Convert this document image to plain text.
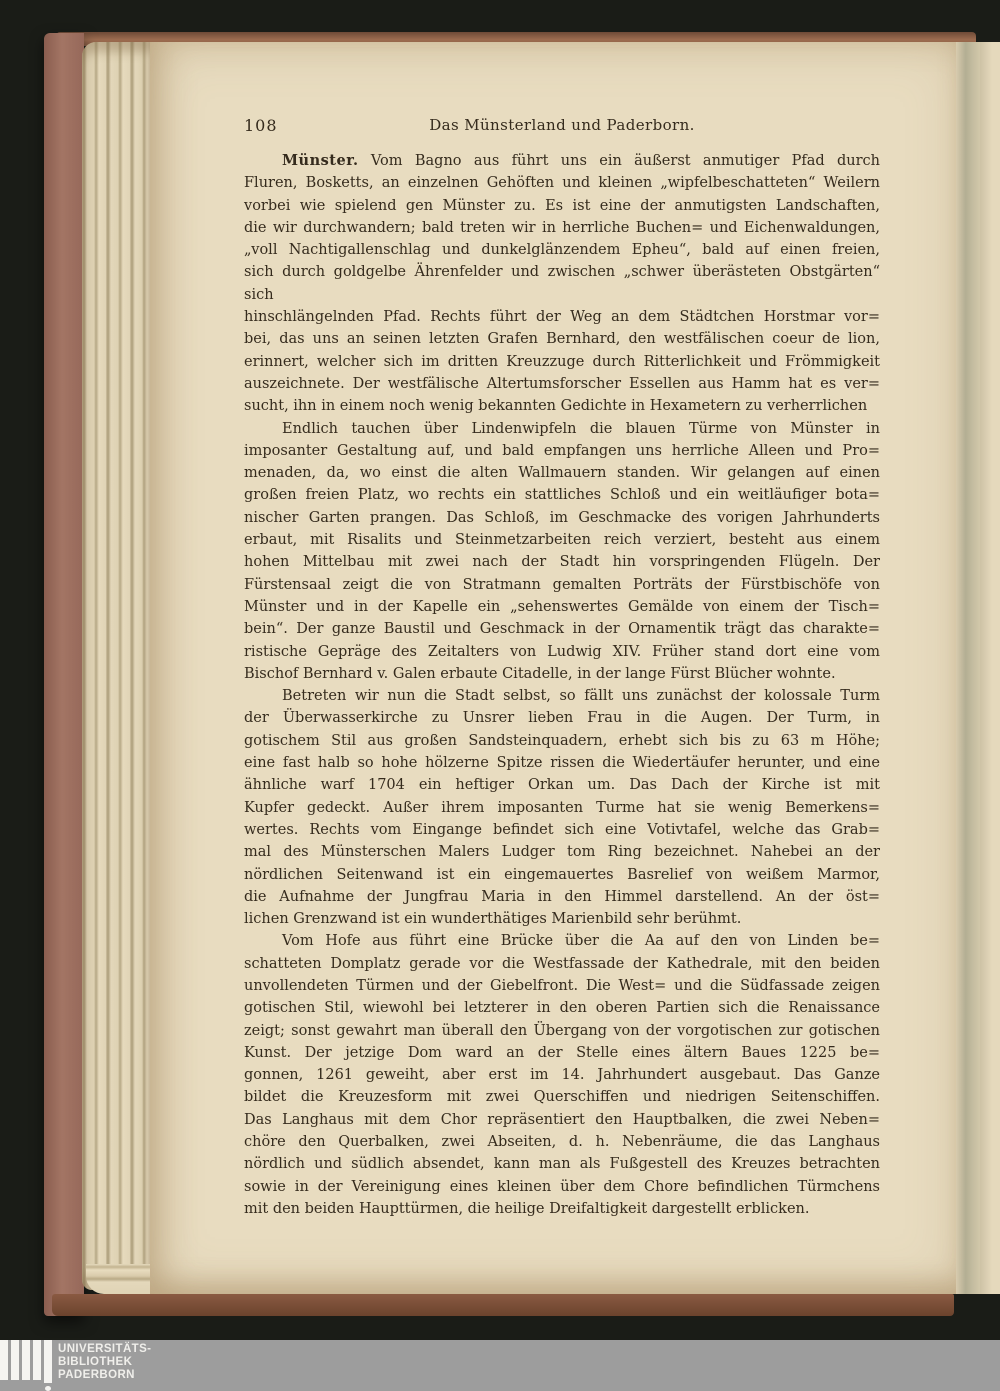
108	Das Münsterland und Paderborn.
Münster. Vom Bagno aus führt uns ein äußerst anmutiger Pfad durch
Fluren, Bosketts, an einzelnen Gehöften und kleinen „wipfelbeschatteten“ Weilern
vorbei wie spielend gen Münster zu. Es ist eine der anmutigsten Landschaften,
die wir durchwandern; bald treten wir in herrliche Buchen= und Eichenwaldungen,
„voll Nachtigallenschlag und dunkelglänzendem Epheu“, bald auf einen freien,
sich durch goldgelbe Ährenfelder und zwischen „schwer überästeten Obstgärten“ sich
hinschlängelnden Pfad. Rechts führt der Weg an dem Städtchen Horstmar vor=
bei, das uns an seinen letzten Grafen Bernhard, den westfälischen coeur de lion,
erinnert, welcher sich im dritten Kreuzzuge durch Ritterlichkeit und Frömmigkeit
auszeichnete. Der westfälische Altertumsforscher Essellen aus Hamm hat es ver=
sucht, ihn in einem noch wenig bekannten Gedichte in Hexametern zu verherrlichen
Endlich tauchen über Lindenwipfeln die blauen Türme von Münster in
imposanter Gestaltung auf, und bald empfangen uns herrliche Alleen und Pro=
menaden, da, wo einst die alten Wallmauern standen. Wir gelangen auf einen
großen freien Platz, wo rechts ein stattliches Schloß und ein weitläufiger bota=
nischer Garten prangen. Das Schloß, im Geschmacke des vorigen Jahrhunderts
erbaut, mit Risalits und Steinmetzarbeiten reich verziert, besteht aus einem
hohen Mittelbau mit zwei nach der Stadt hin vorspringenden Flügeln. Der
Fürstensaal zeigt die von Stratmann gemalten Porträts der Fürstbischöfe von
Münster und in der Kapelle ein „sehenswertes Gemälde von einem der Tisch=
bein“. Der ganze Baustil und Geschmack in der Ornamentik trägt das charakte=
ristische Gepräge des Zeitalters von Ludwig XIV. Früher stand dort eine vom
Bischof Bernhard v. Galen erbaute Citadelle, in der lange Fürst Blücher wohnte.
Betreten wir nun die Stadt selbst, so fällt uns zunächst der kolossale Turm
der Überwasserkirche zu Unsrer lieben Frau in die Augen. Der Turm, in
gotischem Stil aus großen Sandsteinquadern, erhebt sich bis zu 63 m Höhe;
eine fast halb so hohe hölzerne Spitze rissen die Wiedertäufer herunter, und eine
ähnliche warf 1704 ein heftiger Orkan um. Das Dach der Kirche ist mit
Kupfer gedeckt. Außer ihrem imposanten Turme hat sie wenig Bemerkens=
wertes. Rechts vom Eingange befindet sich eine Votivtafel, welche das Grab=
mal des Münsterschen Malers Ludger tom Ring bezeichnet. Nahebei an der
nördlichen Seitenwand ist ein eingemauertes Basrelief von weißem Marmor,
die Aufnahme der Jungfrau Maria in den Himmel darstellend. An der öst=
lichen Grenzwand ist ein wunderthätiges Marienbild sehr berühmt.
Vom Hofe aus führt eine Brücke über die Aa auf den von Linden be=
schatteten Domplatz gerade vor die Westfassade der Kathedrale, mit den beiden
unvollendeten Türmen und der Giebelfront. Die West= und die Südfassade zeigen
gotischen Stil, wiewohl bei letzterer in den oberen Partien sich die Renaissance
zeigt; sonst gewahrt man überall den Übergang von der vorgotischen zur gotischen
Kunst. Der jetzige Dom ward an der Stelle eines ältern Baues 1225 be=
gonnen, 1261 geweiht, aber erst im 14. Jahrhundert ausgebaut. Das Ganze
bildet die Kreuzesform mit zwei Querschiffen und niedrigen Seitenschiffen.
Das Langhaus mit dem Chor repräsentiert den Hauptbalken, die zwei Neben=
chöre den Querbalken, zwei Abseiten, d. h. Nebenräume, die das Langhaus
nördlich und südlich absendet, kann man als Fußgestell des Kreuzes betrachten
sowie in der Vereinigung eines kleinen über dem Chore befindlichen Türmchens
mit den beiden Haupttürmen, die heilige Dreifaltigkeit dargestellt erblicken.
UNIVERSITÄTS-
BIBLIOTHEK
PADERBORN
